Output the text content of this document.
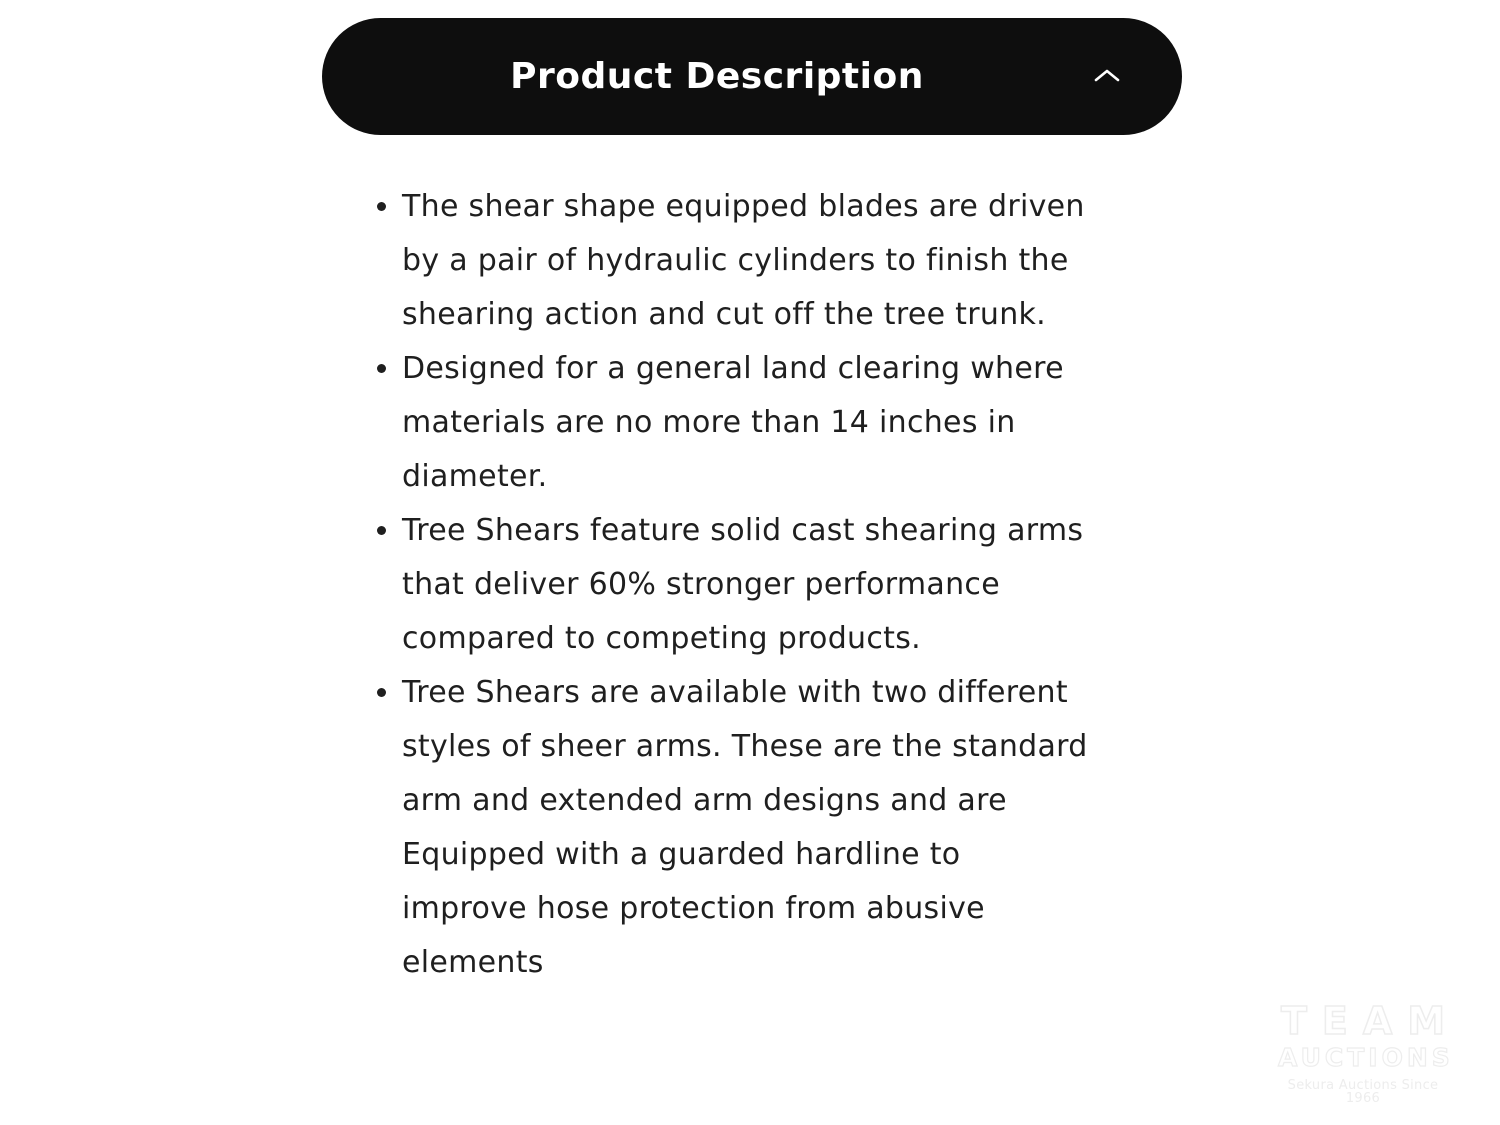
Product Description
• The shear shape equipped blades are driven by a pair of hydraulic cylinders to finish the shearing action and cut off the tree trunk.
• Designed for a general land clearing where materials are no more than 14 inches in diameter.
• Tree Shears feature solid cast shearing arms that deliver 60% stronger performance compared to competing products.
• Tree Shears are available with two different styles of sheer arms. These are the standard arm and extended arm designs and are Equipped with a guarded hardline to improve hose protection from abusive elements
TEAM
AUCTIONS
Sekura Auctions Since 1966
